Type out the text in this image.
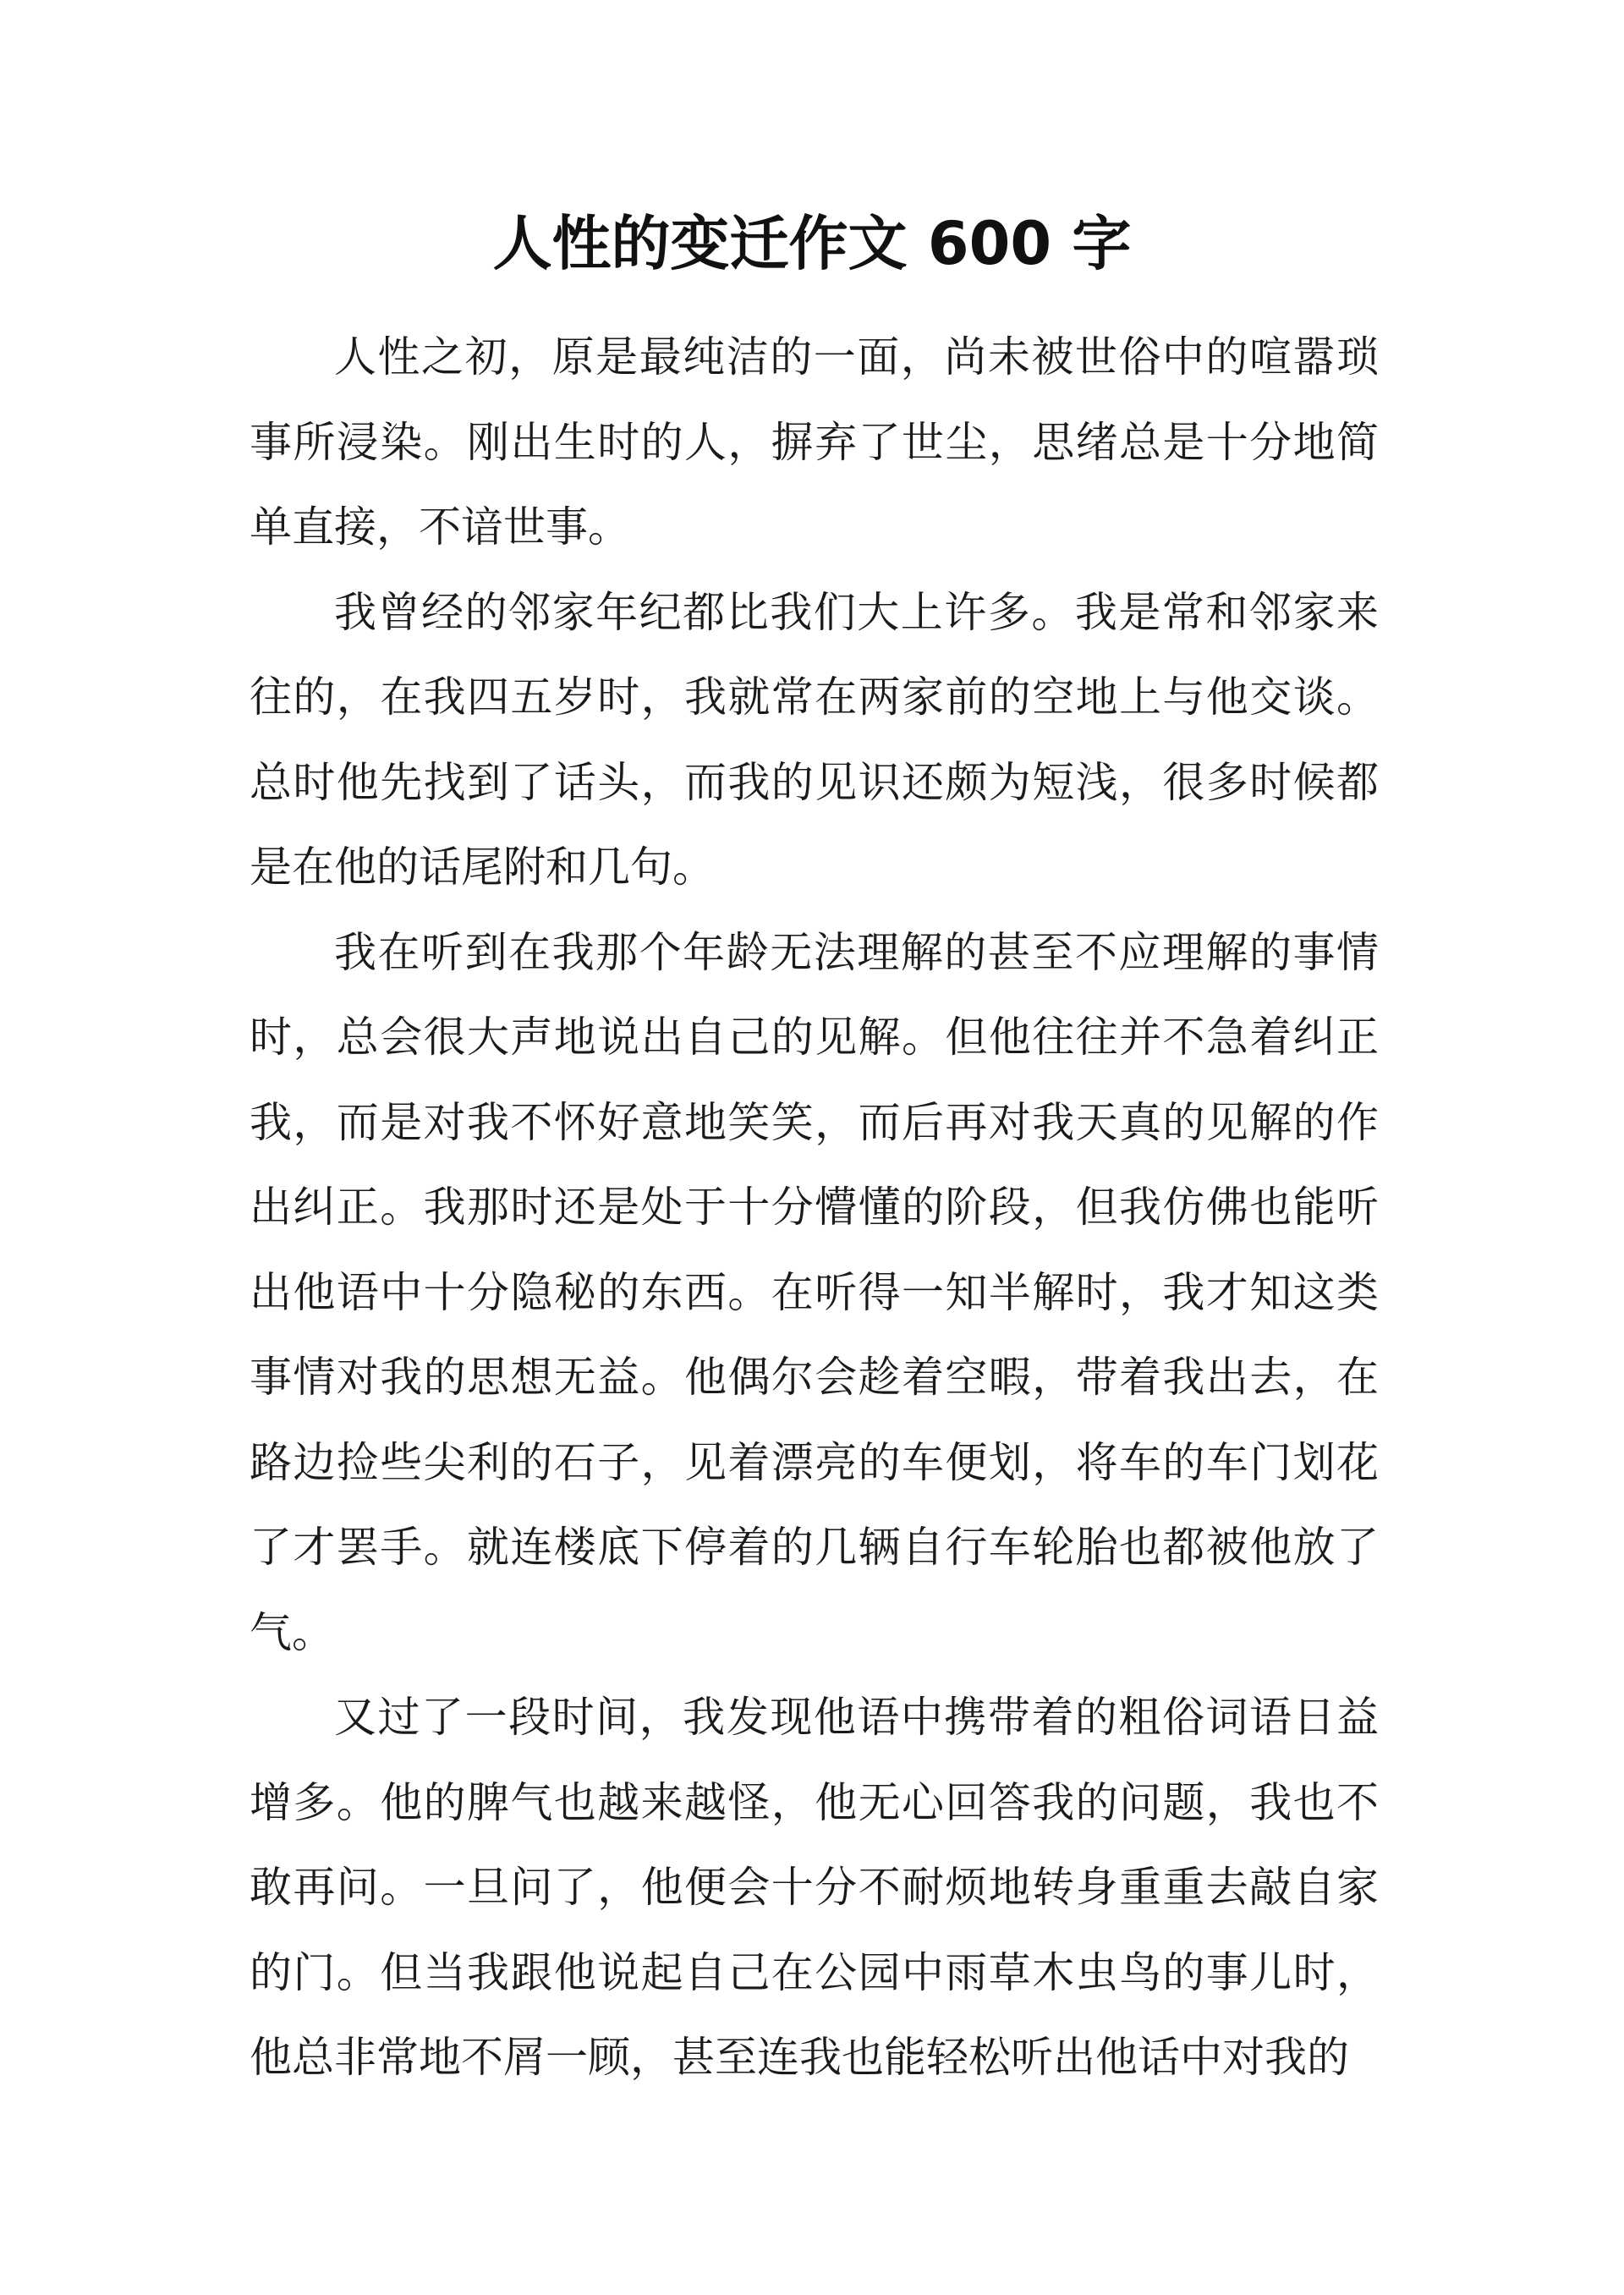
人性的变迁作文 600 字

人性之初，原是最纯洁的一面，尚未被世俗中的喧嚣琐事所浸染。刚出生时的人，摒弃了世尘，思绪总是十分地简单直接，不谙世事。

我曾经的邻家年纪都比我们大上许多。我是常和邻家来往的，在我四五岁时，我就常在两家前的空地上与他交谈。总时他先找到了话头，而我的见识还颇为短浅，很多时候都是在他的话尾附和几句。

我在听到在我那个年龄无法理解的甚至不应理解的事情时，总会很大声地说出自己的见解。但他往往并不急着纠正我，而是对我不怀好意地笑笑，而后再对我天真的见解的作出纠正。我那时还是处于十分懵懂的阶段，但我仿佛也能听出他语中十分隐秘的东西。在听得一知半解时，我才知这类事情对我的思想无益。他偶尔会趁着空暇，带着我出去，在路边捡些尖利的石子，见着漂亮的车便划，将车的车门划花了才罢手。就连楼底下停着的几辆自行车轮胎也都被他放了气。

又过了一段时间，我发现他语中携带着的粗俗词语日益增多。他的脾气也越来越怪，他无心回答我的问题，我也不敢再问。一旦问了，他便会十分不耐烦地转身重重去敲自家的门。但当我跟他说起自己在公园中雨草木虫鸟的事儿时，他总非常地不屑一顾，甚至连我也能轻松听出他话中对我的
